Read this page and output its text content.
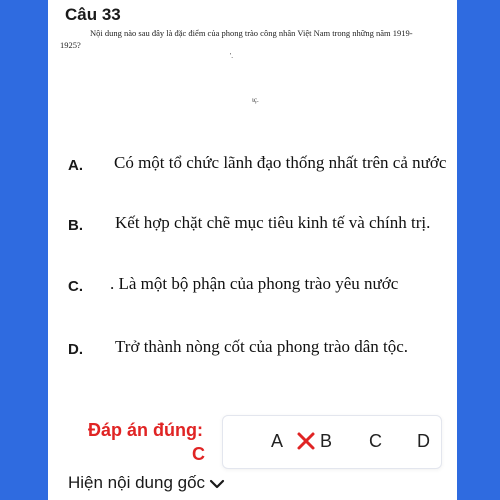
Câu 33
Nội dung nào sau đây là đặc điểm của phong trào công nhân Việt Nam trong những năm 1919-1925?
'.
ιç.
A. Có một tổ chức lãnh đạo thống nhất trên cả nước
B. Kết hợp chặt chẽ mục tiêu kinh tế và chính trị.
C. . Là một bộ phận của phong trào yêu nước
D. Trở thành nòng cốt của phong trào dân tộc.
Đáp án đúng:
C
A B C D
Hiện nội dung gốc
